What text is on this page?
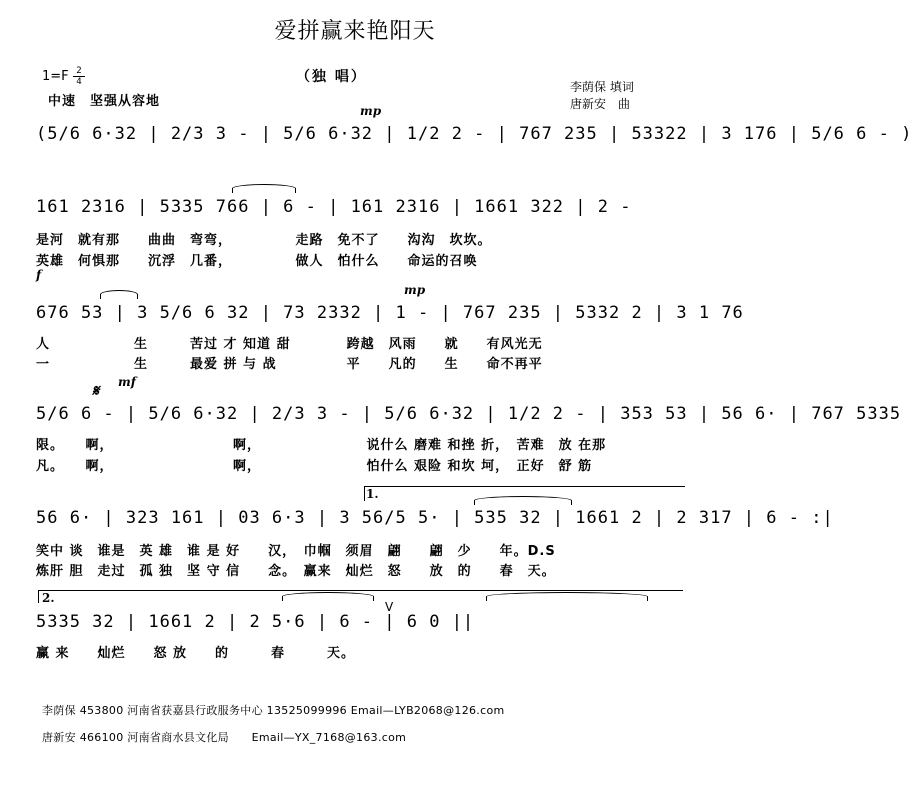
爱拼赢来艳阳天
（独 唱）
李荫保 填词
唐新安　曲
1=F 2
4
中速　坚强从容地
mp
(5/6 6·32 | 2/3 3 - | 5/6 6·32 | 1/2 2 - | 767 235 | 53322 | 3 176 | 5/6 6 - )
161 2316 | 5335 766 | 6 - | 161 2316 | 1661 322 | 2 -
是河　就有那　　曲曲　弯弯，　　　　　走路　免不了　　沟沟　坎坎。
英雄　何惧那　　沉浮　几番，　　　　　做人　怕什么　　命运的召唤
f
mp
676 53 | 3 5/6 6 32 | 73 2332 | 1 - | 767 235 | 5332 2 | 3 1 76
人　　　　　　生　　　苦过 才 知道 甜　　　　跨越　风雨　　就　　有风光无
一　　　　　　生　　　最爱 拼 与 战　　　　　平　　凡的　　生　　命不再平
𝄋 mf
5/6 6 - | 5/6 6·32 | 2/3 3 - | 5/6 6·32 | 1/2 2 - | 353 53 | 56 6· | 767 5335
限。　　啊，　　　　　　　　　啊，　　　　　　　　说什么 磨难 和挫 折，　苦难　放 在那
凡。　　啊，　　　　　　　　　啊，　　　　　　　　怕什么 艰险 和坎 坷，　正好　舒 筋
1.
56 6· | 323 161 | 03 6·3 | 3 56/5 5· | 535 32 | 1661 2 | 2 317 | 6 - :|
笑中 谈　谁是　英 雄　谁 是 好　　汉，　巾帼　须眉　翩　　翩　少　　年。D.S
炼肝 胆　走过　孤 独　坚 守 信　　念。　赢来　灿烂　怒　　放　的　　春　天。
2.
V
5335 32 | 1661 2 | 2 5·6 | 6 - | 6 0 ||
赢 来　　灿烂　　怒 放　　的　　　春　　　天。
李荫保 453800 河南省获嘉县行政服务中心 13525099996 Email—LYB2068@126.com
唐新安 466100 河南省商水县文化局　　Email—YX_7168@163.com
